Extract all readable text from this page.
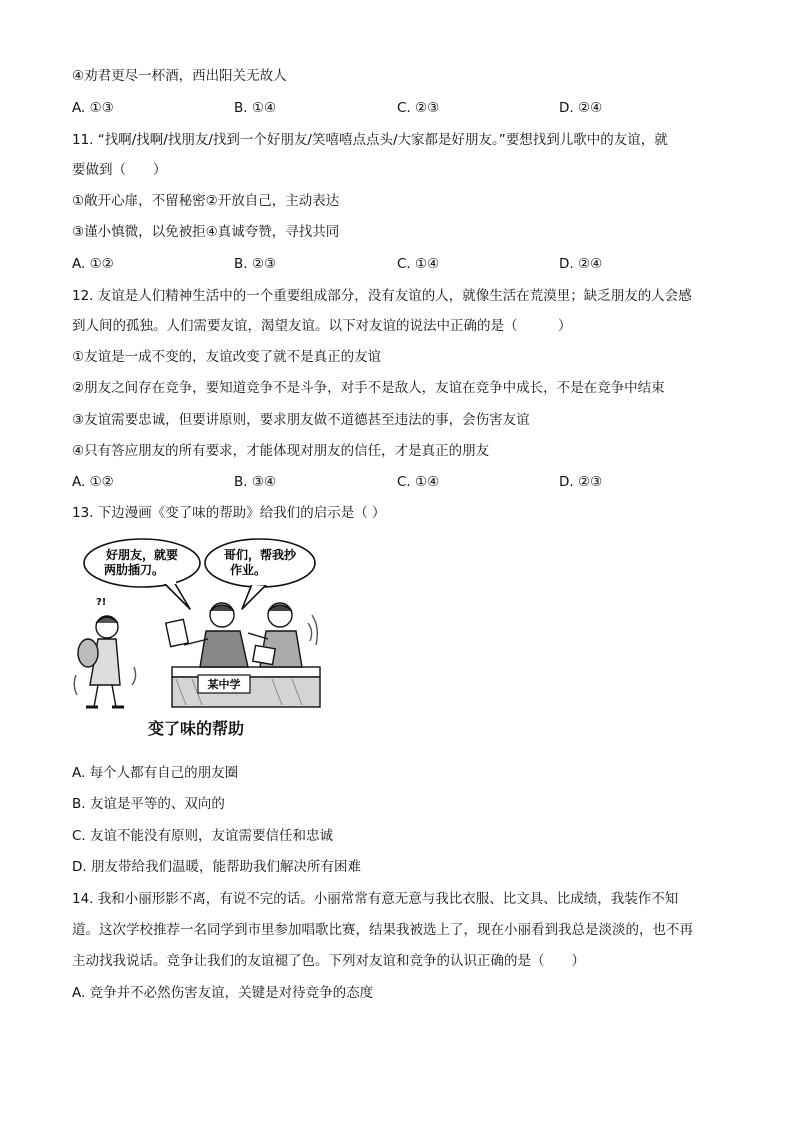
④劝君更尽一杯酒，西出阳关无故人
A. ①③	B. ①④	C. ②③	D. ②④
11. “找啊/找啊/找朋友/找到一个好朋友/笑嘻嘻点点头/大家都是好朋友。”要想找到儿歌中的友谊，就
要做到（　　）
①敞开心扉，不留秘密②开放自己，主动表达
③谨小慎微，以免被拒④真诚夸赞，寻找共同
A. ①②	B. ②③	C. ①④	D. ②④
12. 友谊是人们精神生活中的一个重要组成部分，没有友谊的人，就像生活在荒漠里；缺乏朋友的人会感
到人间的孤独。人们需要友谊，渴望友谊。以下对友谊的说法中正确的是（　　　）
①友谊是一成不变的，友谊改变了就不是真正的友谊
②朋友之间存在竞争，要知道竞争不是斗争，对手不是敌人，友谊在竞争中成长，不是在竞争中结束
③友谊需要忠诚，但要讲原则，要求朋友做不道德甚至违法的事，会伤害友谊
④只有答应朋友的所有要求，才能体现对朋友的信任，才是真正的朋友
A. ①②	B. ③④	C. ①④	D. ②③
13. 下边漫画《变了味的帮助》给我们的启示是（ ）
好朋友，就要
两肋插刀。
哥们，帮我抄
作业。
?!
某中学
变了味的帮助
A. 每个人都有自己的朋友圈
B. 友谊是平等的、双向的
C. 友谊不能没有原则，友谊需要信任和忠诚
D. 朋友带给我们温暖，能帮助我们解决所有困难
14. 我和小丽形影不离，有说不完的话。小丽常常有意无意与我比衣服、比文具、比成绩，我装作不知
道。这次学校推荐一名同学到市里参加唱歌比赛，结果我被选上了，现在小丽看到我总是淡淡的，也不再
主动找我说话。竞争让我们的友谊褪了色。下列对友谊和竞争的认识正确的是（　　）
A. 竞争并不必然伤害友谊，关键是对待竞争的态度
